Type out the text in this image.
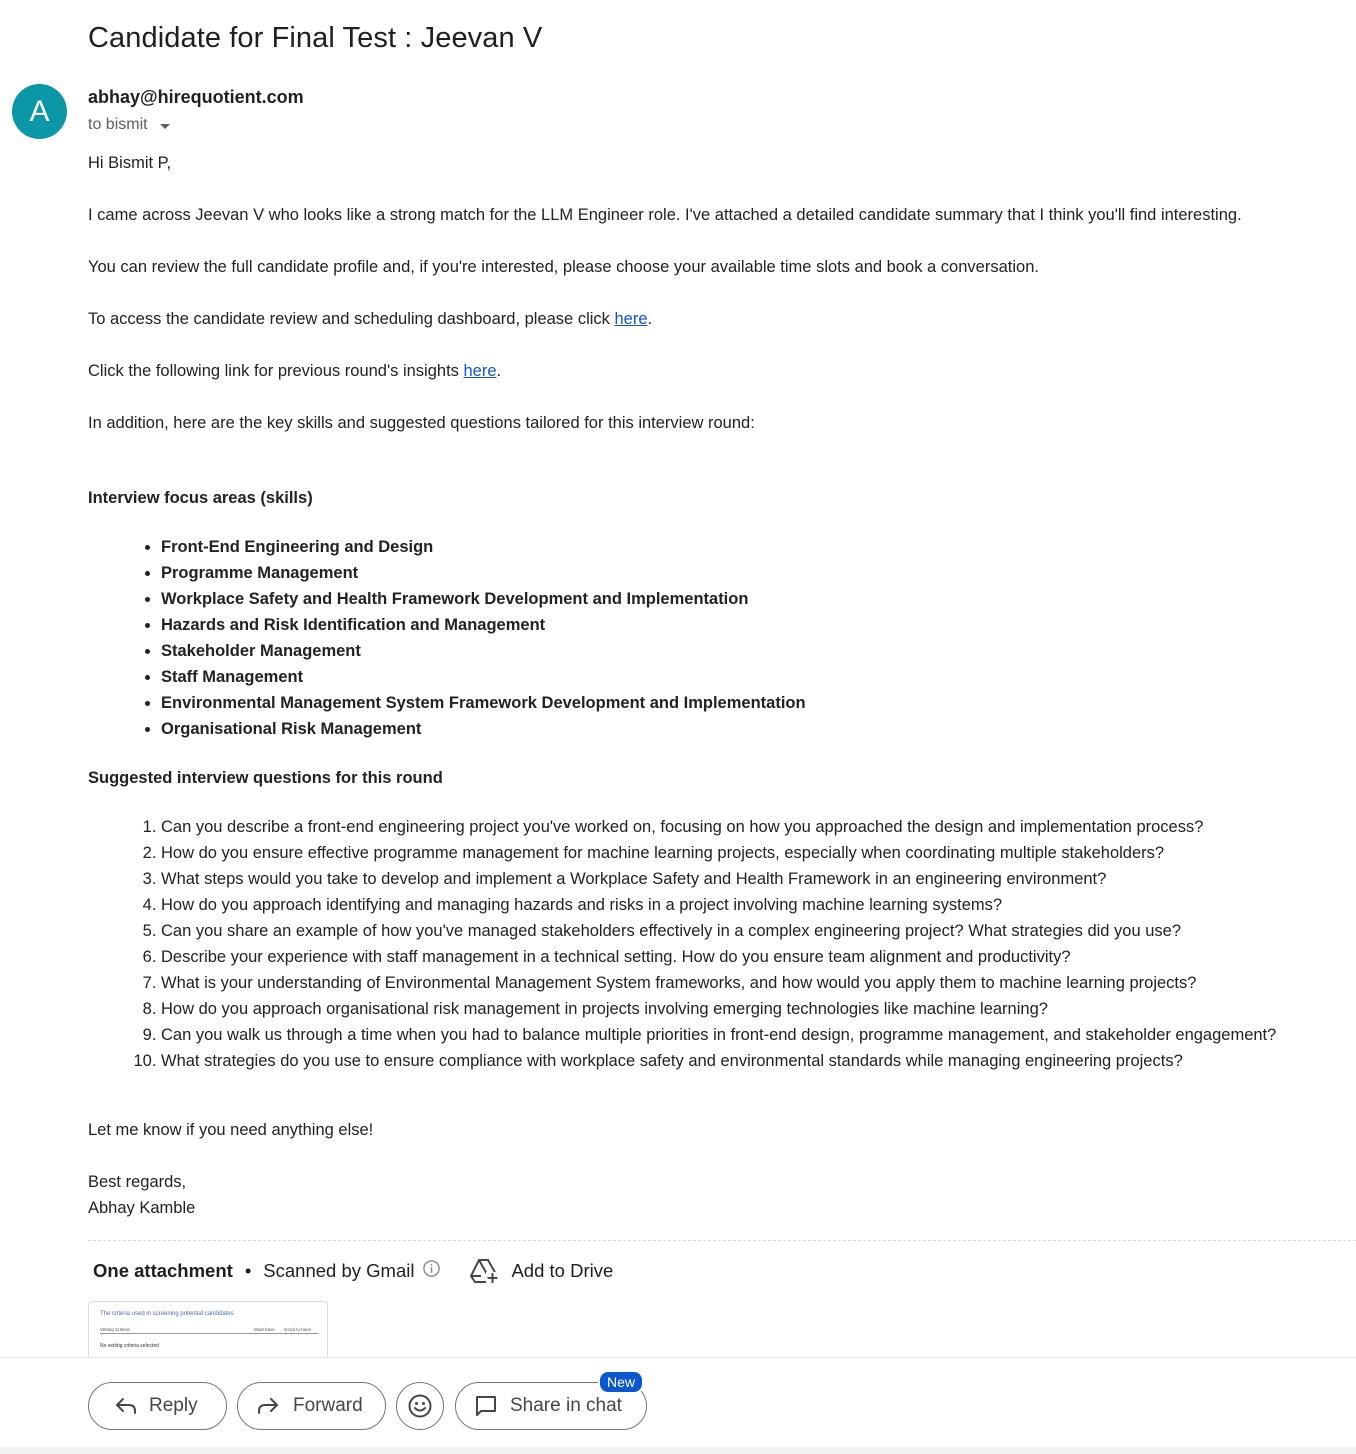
Candidate for Final Test : Jeevan V
A abhay@hirequotient.com
to bismit

Hi Bismit P,

I came across Jeevan V who looks like a strong match for the LLM Engineer role. I've attached a detailed candidate summary that I think you'll find interesting.

You can review the full candidate profile and, if you're interested, please choose your available time slots and book a conversation.

To access the candidate review and scheduling dashboard, please click here.

Click the following link for previous round's insights here.

In addition, here are the key skills and suggested questions tailored for this interview round:

Interview focus areas (skills)

• Front-End Engineering and Design
• Programme Management
• Workplace Safety and Health Framework Development and Implementation
• Hazards and Risk Identification and Management
• Stakeholder Management
• Staff Management
• Environmental Management System Framework Development and Implementation
• Organisational Risk Management

Suggested interview questions for this round

1. Can you describe a front-end engineering project you've worked on, focusing on how you approached the design and implementation process?
2. How do you ensure effective programme management for machine learning projects, especially when coordinating multiple stakeholders?
3. What steps would you take to develop and implement a Workplace Safety and Health Framework in an engineering environment?
4. How do you approach identifying and managing hazards and risks in a project involving machine learning systems?
5. Can you share an example of how you've managed stakeholders effectively in a complex engineering project? What strategies did you use?
6. Describe your experience with staff management in a technical setting. How do you ensure team alignment and productivity?
7. What is your understanding of Environmental Management System frameworks, and how would you apply them to machine learning projects?
8. How do you approach organisational risk management in projects involving emerging technologies like machine learning?
9. Can you walk us through a time when you had to balance multiple priorities in front-end design, programme management, and stakeholder engagement?
10. What strategies do you use to ensure compliance with workplace safety and environmental standards while managing engineering projects?

Let me know if you need anything else!

Best regards,

Abhay Kamble

One attachment • Scanned by Gmail	Add to Drive
The criteria used in screening potential candidates
Vetting Criteria	Must have Good to have
No vetting criteria selected
Reply	Forward	Share in chat
New
